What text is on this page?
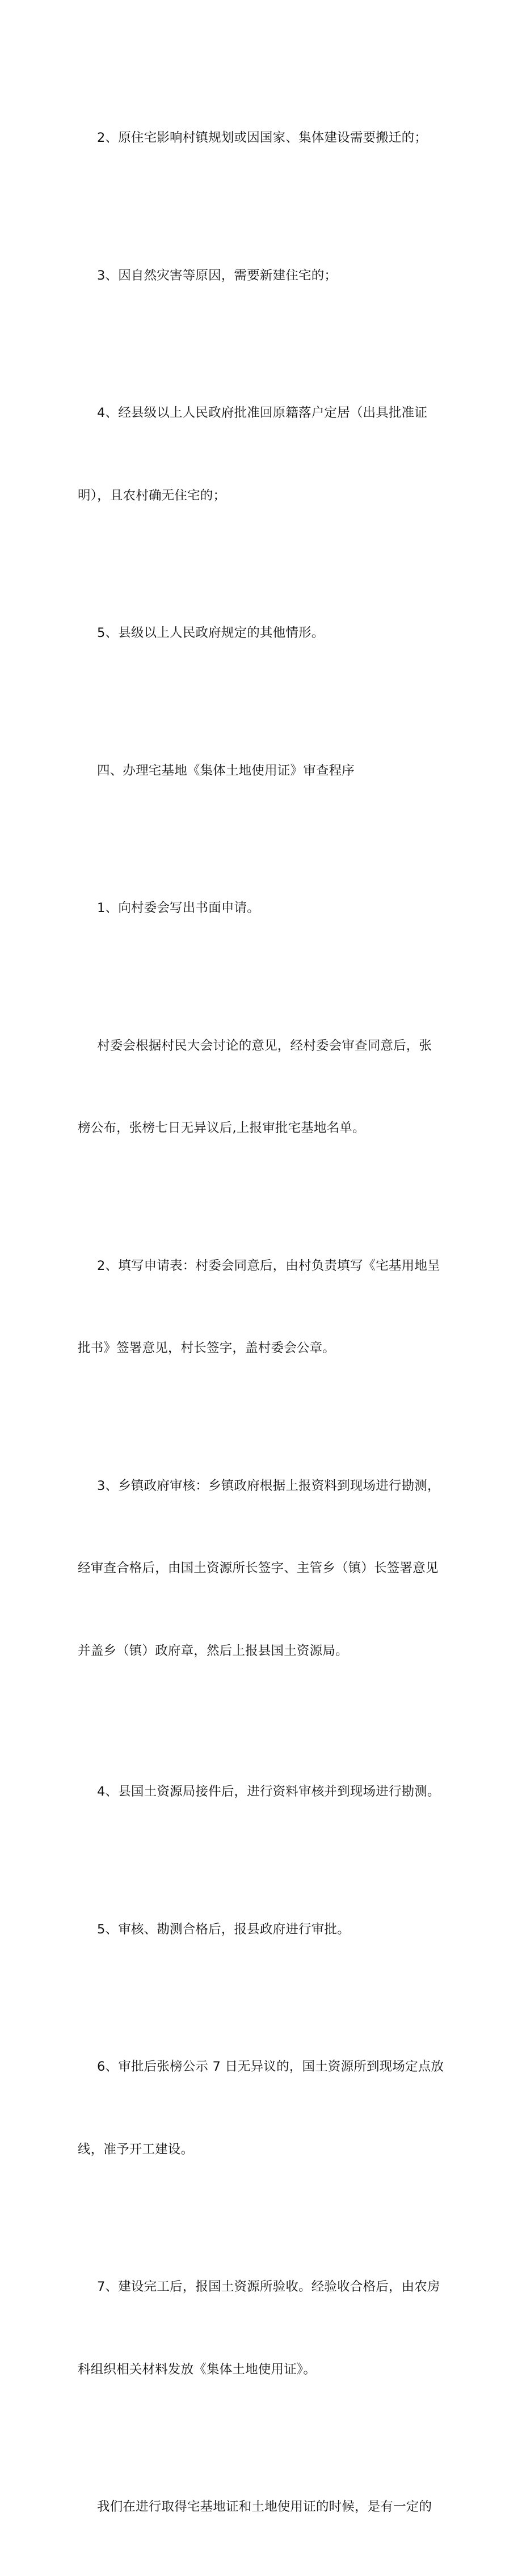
2、原住宅影响村镇规划或因国家、集体建设需要搬迁的；

3、因自然灾害等原因，需要新建住宅的；

4、经县级以上人民政府批准回原籍落户定居（出具批准证

明），且农村确无住宅的；

5、县级以上人民政府规定的其他情形。

四、办理宅基地《集体土地使用证》审查程序

1、向村委会写出书面申请。

村委会根据村民大会讨论的意见，经村委会审查同意后，张

榜公布，张榜七日无异议后,上报审批宅基地名单。

2、填写申请表：村委会同意后，由村负责填写《宅基用地呈

批书》签署意见，村长签字，盖村委会公章。

3、乡镇政府审核：乡镇政府根据上报资料到现场进行勘测，

经审查合格后，由国土资源所长签字、主管乡（镇）长签署意见

并盖乡（镇）政府章，然后上报县国土资源局。

4、县国土资源局接件后，进行资料审核并到现场进行勘测。

5、审核、勘测合格后，报县政府进行审批。

6、审批后张榜公示 7 日无异议的，国土资源所到现场定点放

线，准予开工建设。

7、建设完工后，报国土资源所验收。经验收合格后，由农房

科组织相关材料发放《集体土地使用证》。

我们在进行取得宅基地证和土地使用证的时候，是有一定的
